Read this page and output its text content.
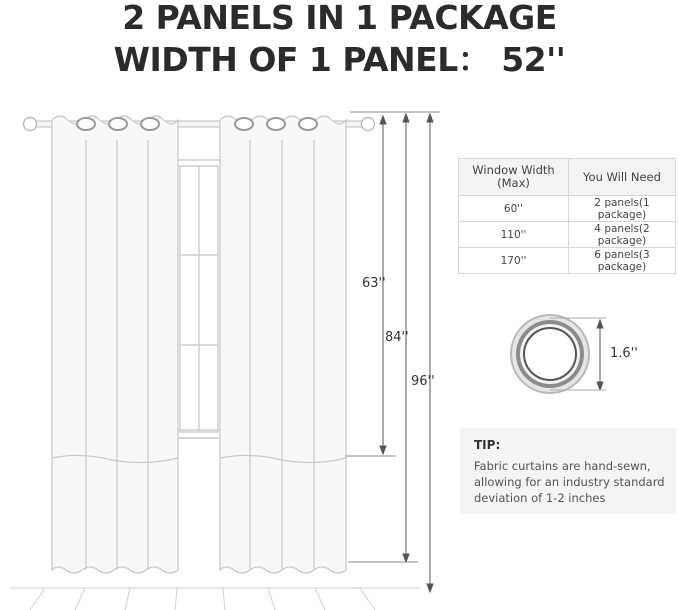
2 PANELS IN 1 PACKAGE
WIDTH OF 1 PANEL： 52''
63''
84''
96''
Window Width
(Max)	You Will Need
60''	2 panels(1 package)
110''	4 panels(2 package)
170''	6 panels(3 package)
1.6''
TIP:
Fabric curtains are hand-sewn, allowing for an industry standard deviation of 1-2 inches
